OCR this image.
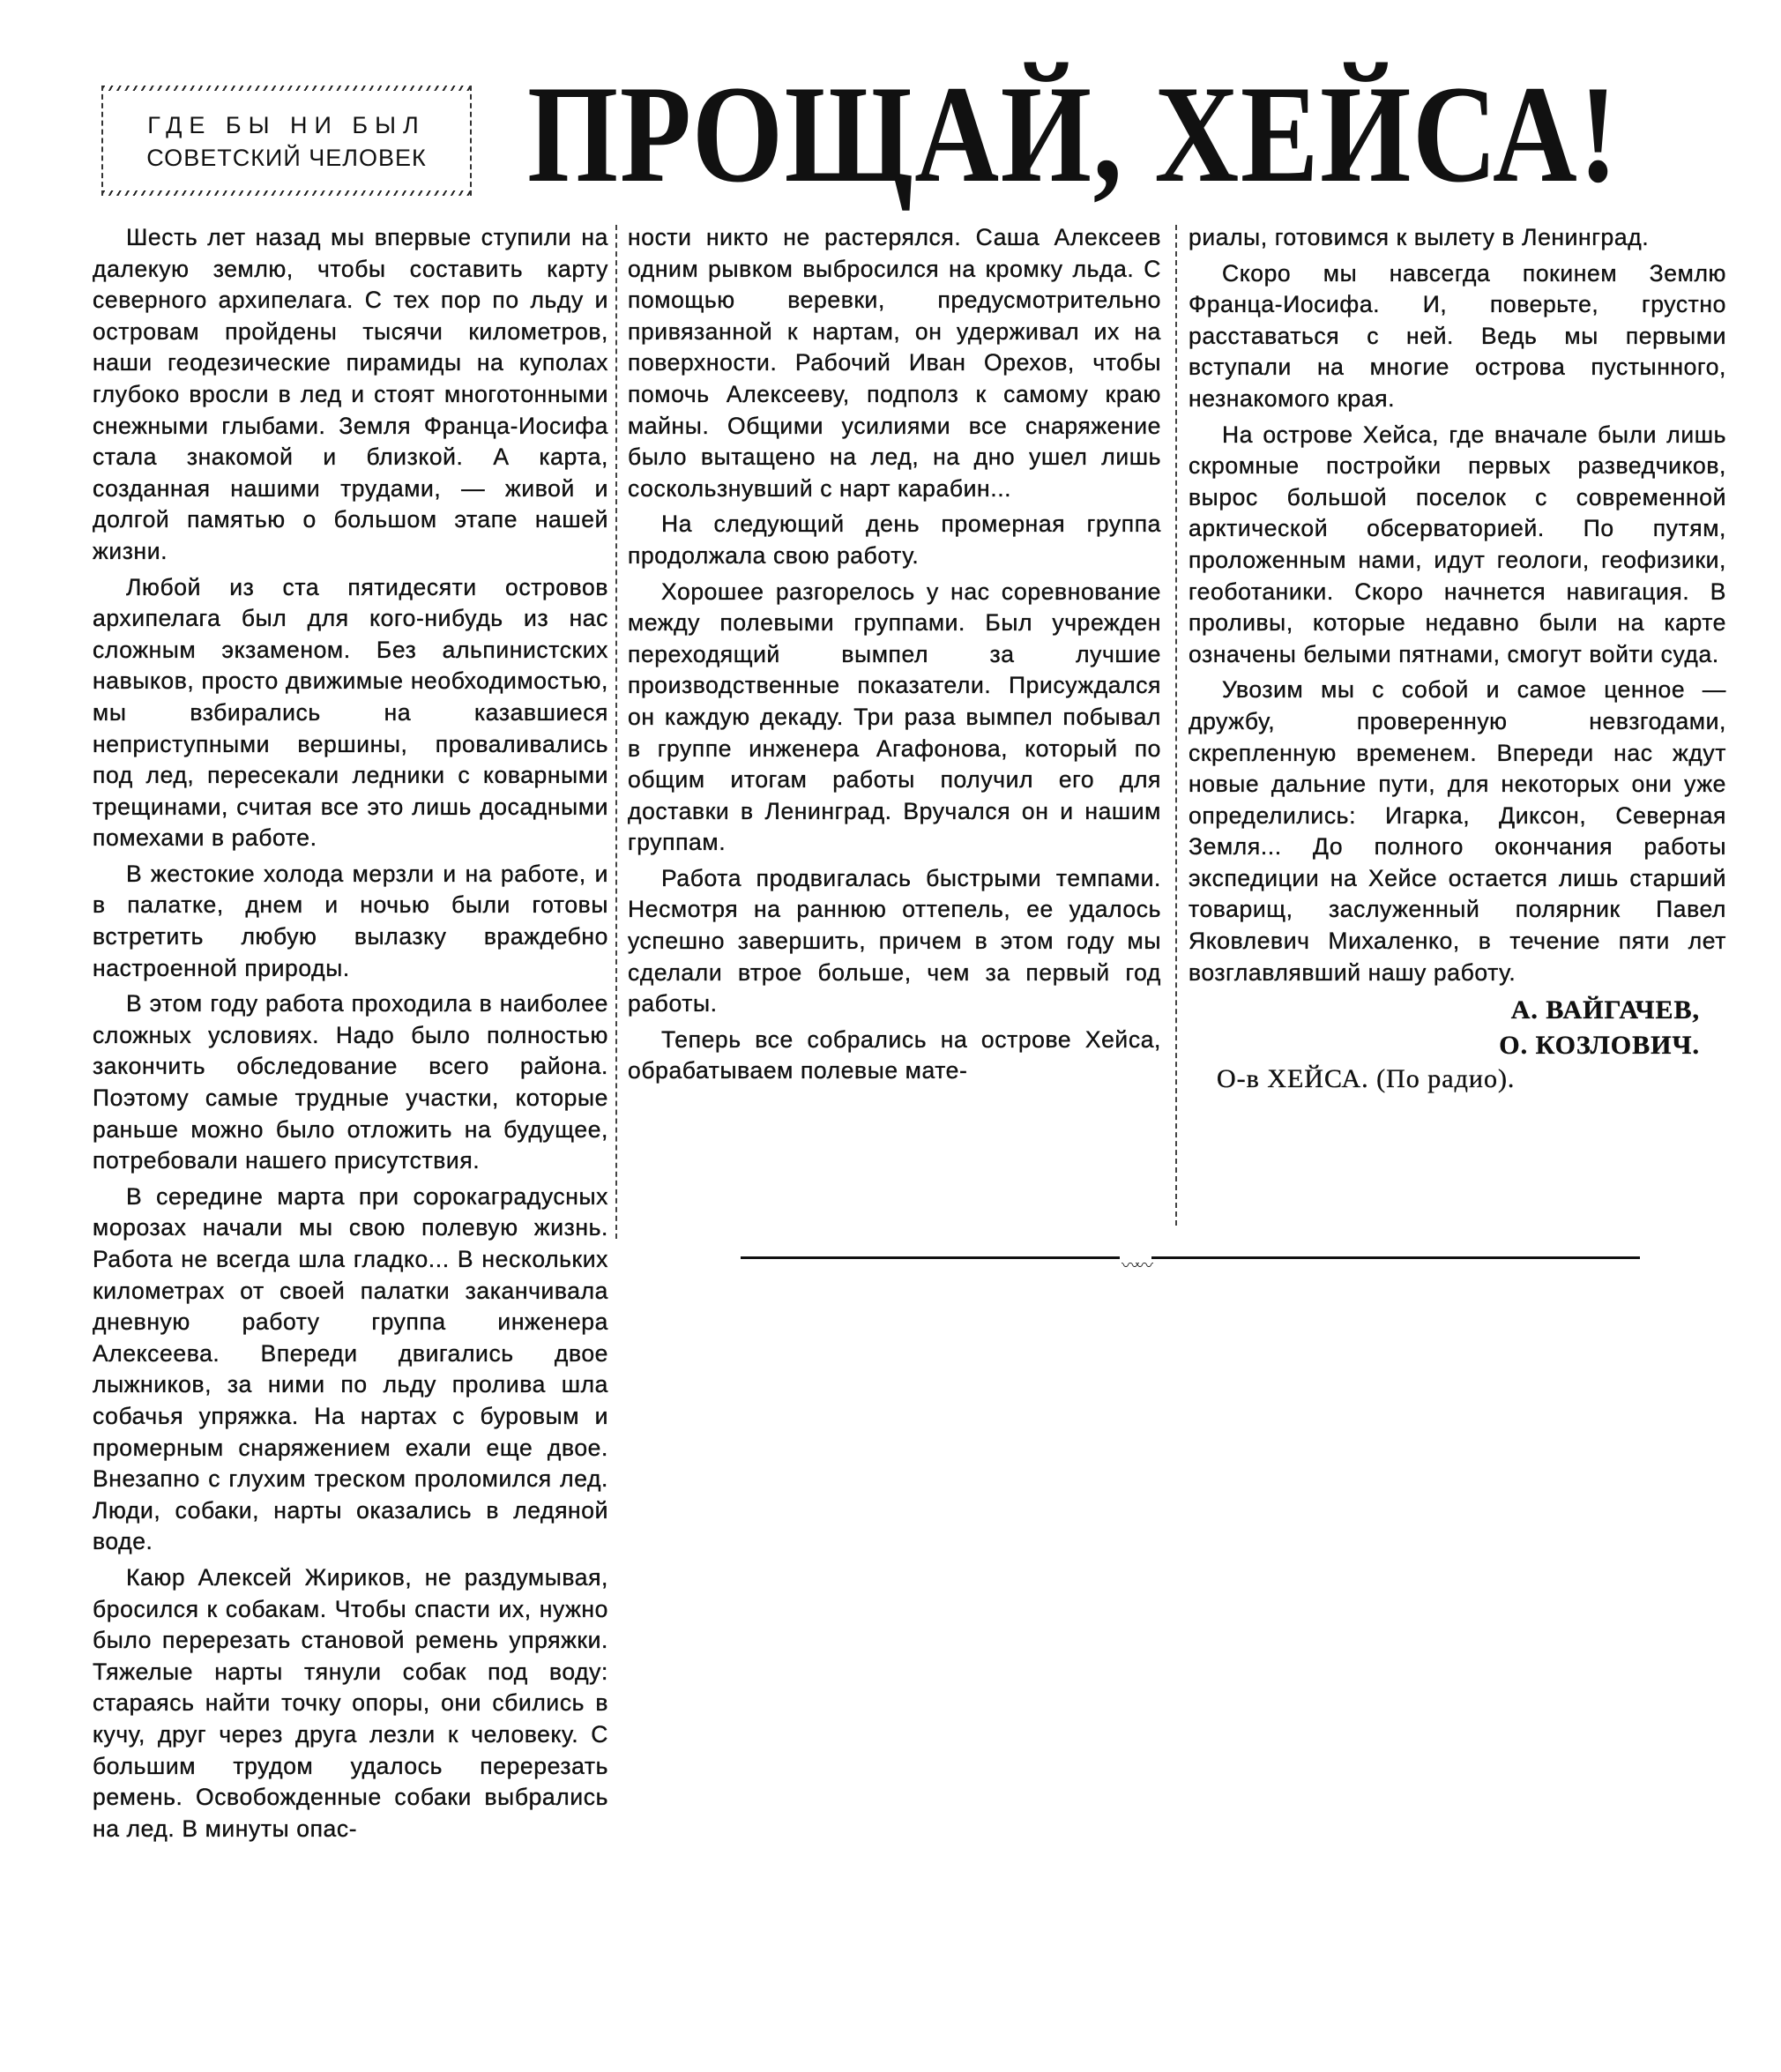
ГДЕ БЫ НИ БЫЛ
СОВЕТСКИЙ ЧЕЛОВЕК ПРОЩАЙ, ХЕЙСА!

Шесть лет назад мы впервые ступили на далекую землю, чтобы составить карту северного архипелага. С тех пор по льду и островам пройдены тысячи километров, наши геодезические пирамиды на куполах глубоко вросли в лед и стоят многотонными снежными глыбами. Земля Франца-Иосифа стала знакомой и близкой. А карта, созданная нашими трудами, — живой и долгой памятью о большом этапе нашей жизни.

Любой из ста пятидесяти островов архипелага был для кого-нибудь из нас сложным экзаменом. Без альпинистских навыков, просто движимые необходимостью, мы взбирались на казавшиеся неприступными вершины, проваливались под лед, пересекали ледники с коварными трещинами, считая все это лишь досадными помехами в работе.

В жестокие холода мерзли и на работе, и в палатке, днем и ночью были готовы встретить любую вылазку враждебно настроенной природы.

В этом году работа проходила в наиболее сложных условиях. Надо было полностью закончить обследование всего района. Поэтому самые трудные участки, которые раньше можно было отложить на будущее, потребовали нашего присутствия.

В середине марта при сорокаградусных морозах начали мы свою полевую жизнь. Работа не всегда шла гладко... В нескольких километрах от своей палатки заканчивала дневную работу группа инженера Алексеева. Впереди двигались двое лыжников, за ними по льду пролива шла собачья упряжка. На нартах с буровым и промерным снаряжением ехали еще двое. Внезапно с глухим треском проломился лед. Люди, собаки, нарты оказались в ледяной воде.

Каюр Алексей Жириков, не раздумывая, бросился к собакам. Чтобы спасти их, нужно было перерезать становой ремень упряжки. Тяжелые нарты тянули собак под воду: стараясь найти точку опоры, они сбились в кучу, друг через друга лезли к человеку. С большим трудом удалось перерезать ремень. Освобожденные собаки выбрались на лед. В минуты опас-

ности никто не растерялся. Саша Алексеев одним рывком выбросился на кромку льда. С помощью веревки, предусмотрительно привязанной к нартам, он удерживал их на поверхности. Рабочий Иван Орехов, чтобы помочь Алексееву, подполз к самому краю майны. Общими усилиями все снаряжение было вытащено на лед, на дно ушел лишь соскользнувший с нарт карабин...

На следующий день промерная группа продолжала свою работу.

Хорошее разгорелось у нас соревнование между полевыми группами. Был учрежден переходящий вымпел за лучшие производственные показатели. Присуждался он каждую декаду. Три раза вымпел побывал в группе инженера Агафонова, который по общим итогам работы получил его для доставки в Ленинград. Вручался он и нашим группам.

Работа продвигалась быстрыми темпами. Несмотря на раннюю оттепель, ее удалось успешно завершить, причем в этом году мы сделали втрое больше, чем за первый год работы.

Теперь все собрались на острове Хейса, обрабатываем полевые мате-

риалы, готовимся к вылету в Ленинград.

Скоро мы навсегда покинем Землю Франца-Иосифа. И, поверьте, грустно расставаться с ней. Ведь мы первыми вступали на многие острова пустынного, незнакомого края.

На острове Хейса, где вначале были лишь скромные постройки первых разведчиков, вырос большой поселок с современной арктической обсерваторией. По путям, проложенным нами, идут геологи, геофизики, геоботаники. Скоро начнется навигация. В проливы, которые недавно были на карте означены белыми пятнами, смогут войти суда.

Увозим мы с собой и самое ценное — дружбу, проверенную невзгодами, скрепленную временем. Впереди нас ждут новые дальние пути, для некоторых они уже определились: Игарка, Диксон, Северная Земля... До полного окончания работы экспедиции на Хейсе остается лишь старший товарищ, заслуженный полярник Павел Яковлевич Михаленко, в течение пяти лет возглавлявший нашу работу.

А. ВАЙГАЧЕВ,
О. КОЗЛОВИЧ.
О-в ХЕЙСА. (По радио).
〰〰
